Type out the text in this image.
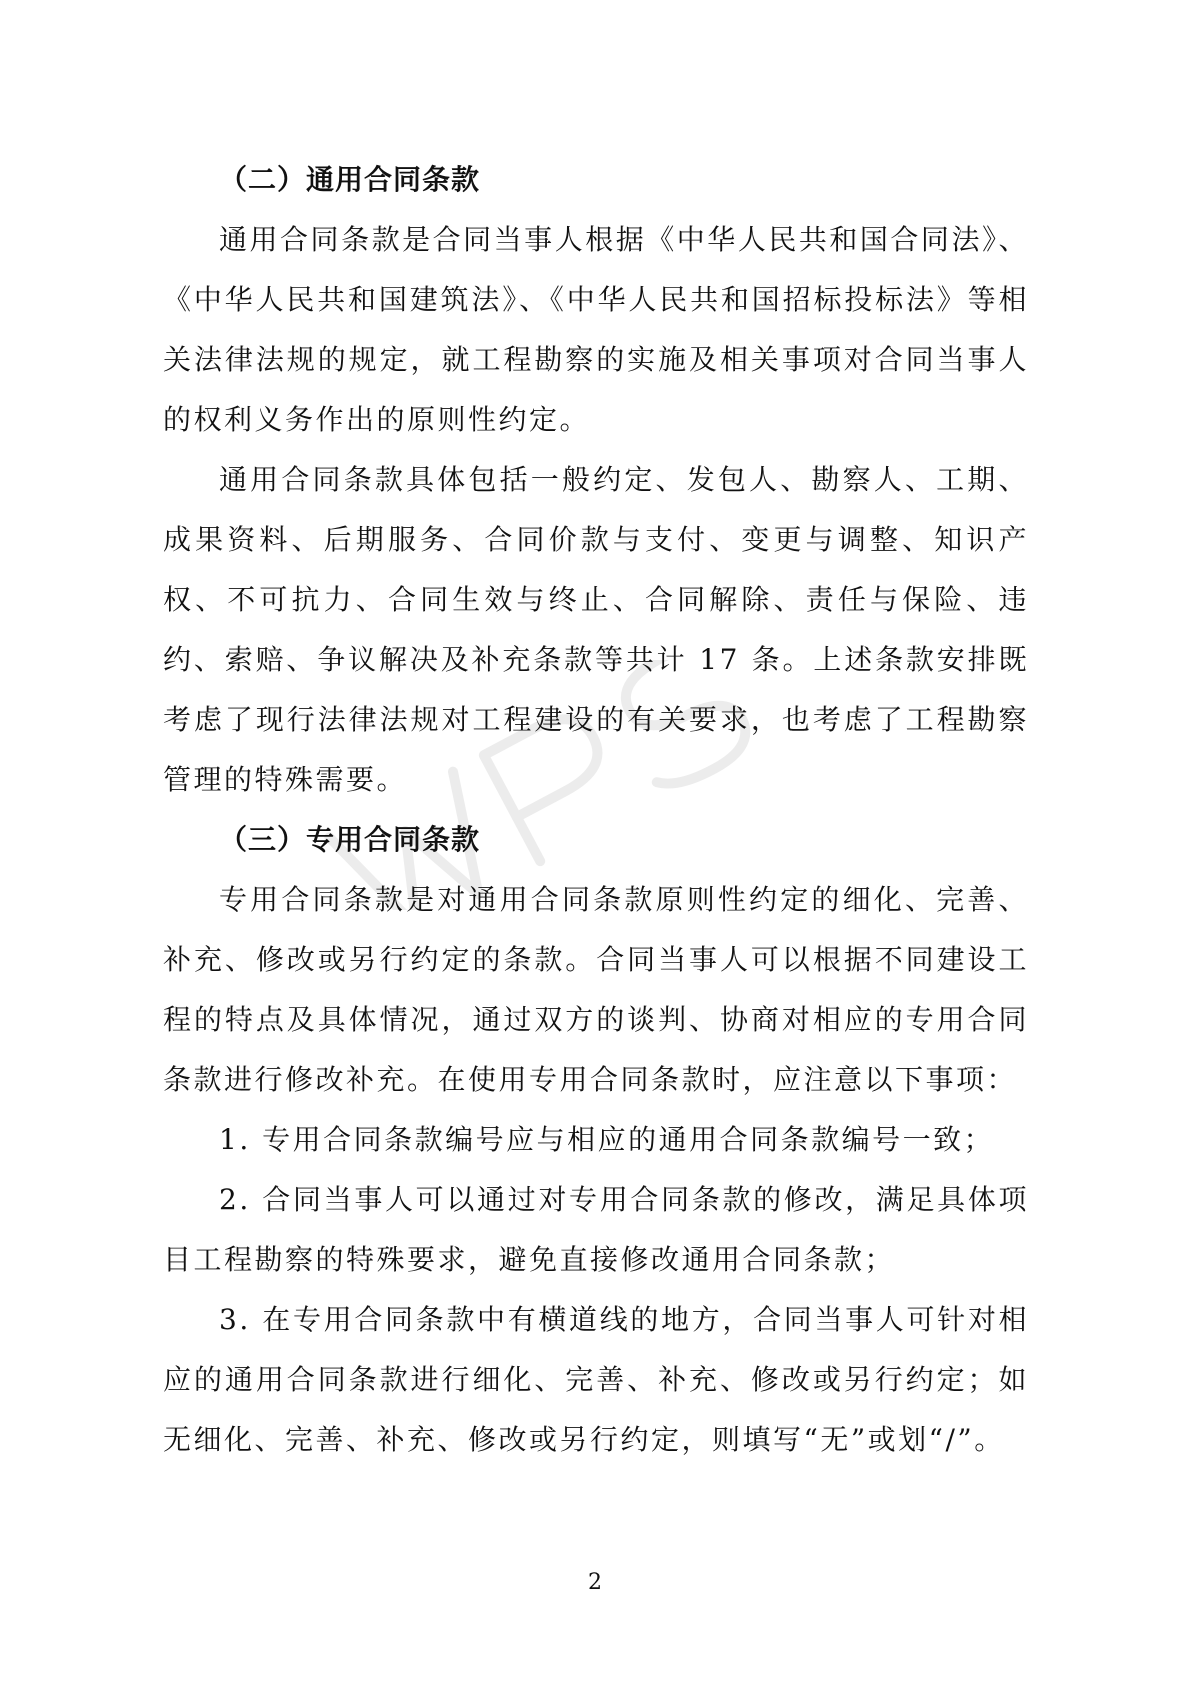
（二）通用合同条款

通用合同条款是合同当事人根据《中华人民共和国合同法》、《中华人民共和国建筑法》、《中华人民共和国招标投标法》等相关法律法规的规定，就工程勘察的实施及相关事项对合同当事人的权利义务作出的原则性约定。

通用合同条款具体包括一般约定、发包人、勘察人、工期、成果资料、后期服务、合同价款与支付、变更与调整、知识产权、不可抗力、合同生效与终止、合同解除、责任与保险、违约、索赔、争议解决及补充条款等共计 17 条。上述条款安排既考虑了现行法律法规对工程建设的有关要求，也考虑了工程勘察管理的特殊需要。

（三）专用合同条款

专用合同条款是对通用合同条款原则性约定的细化、完善、补充、修改或另行约定的条款。合同当事人可以根据不同建设工程的特点及具体情况，通过双方的谈判、协商对相应的专用合同条款进行修改补充。在使用专用合同条款时，应注意以下事项：

1. 专用合同条款编号应与相应的通用合同条款编号一致；

2. 合同当事人可以通过对专用合同条款的修改，满足具体项目工程勘察的特殊要求，避免直接修改通用合同条款；

3. 在专用合同条款中有横道线的地方，合同当事人可针对相应的通用合同条款进行细化、完善、补充、修改或另行约定；如无细化、完善、补充、修改或另行约定，则填写“无”或划“/”。

2
